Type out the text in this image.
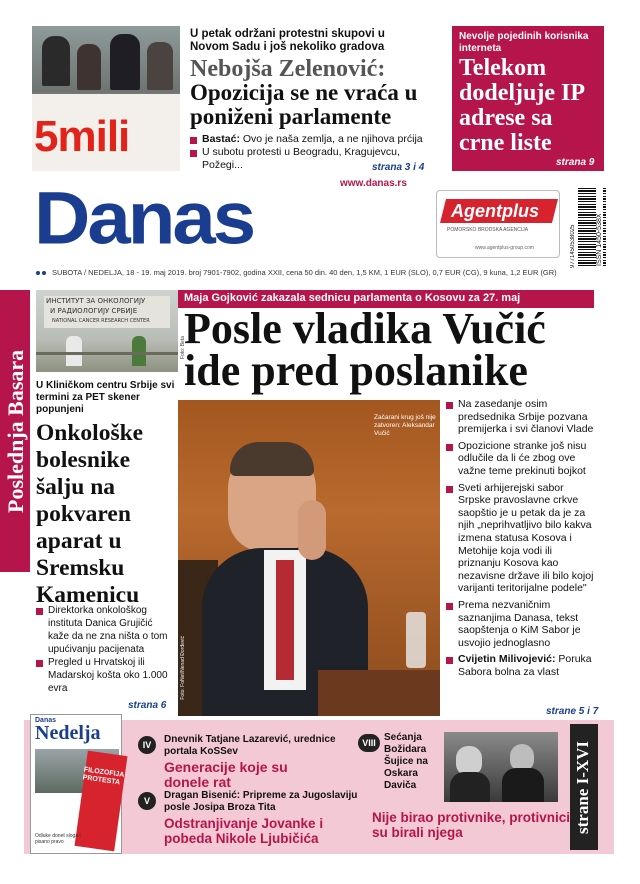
5mili
U petak održani protestni skupovi u Novom Sadu i još nekoliko gradova
Nebojša Zelenović:
Opozicija se ne vraća u poniženi parlamente
Bastać: Ovo je naša zemlja, a ne njihova prćija
U subotu protesti u Beogradu, Kragujevcu, Požegi...	strana 3 i 4
Nevolje pojedinih korisnika interneta
Telekom dodeljuje IP adrese sa crne liste
strana 9
www.danas.rs
Danas	Agentplus
POMORSKO BRODSKA AGENCIJA
www.agentplus-group.com	ISSN 1450-538X
9771450538025
SUBOTA / NEDELJA, 18 - 19. maj 2019. broj 7901-7902, godina XXII, cena 50 din. 40 den, 1,5 KM, 1 EUR (SLO), 0,7 EUR (CG), 9 kuna, 1,2 EUR (GR)
Poslednja Basara
ИНСТИТУТ ЗА ОНКОЛОГИЈУ
И РАДИОЛОГИЈУ СРБИЈЕ
NATIONAL CANCER RESEARCH CENTER
Foto: Beta
U Kliničkom centru Srbije svi termini za PET skener popunjeni
Onkološke bolesnike šalju na pokvaren aparat u Sremsku Kamenicu
Direktorka onkološkog instituta Danica Grujičić kaže da ne zna ništa o tom upućivanju pacijenata
Pregled u Hrvatskoj ili Madarskoj košta oko 1.000 evra
strana 6
Maja Gojković zakazala sednicu parlamenta o Kosovu za 27. maj
Posle vladika Vučić
ide pred poslanike
Začarani krug još nije zatvoren: Aleksandar Vučić
Foto: FoNet/Nenad Đorđević
Na zasedanje osim predsednika Srbije pozvana premijerka i svi članovi Vlade
Opozicione stranke još nisu odlučile da li će zbog ove važne teme prekinuti bojkot
Sveti arhijerejski sabor Srpske pravoslavne crkve saopštio je u petak da je za njih „neprihvatljivo bilo kakva izmena statusa Kosova i Metohije koja vodi ili priznanju Kosova kao nezavisne države ili bilo kojoj varijanti teritorijalne podele"
Prema nezvaničnim saznanjima Danasa, tekst saopštenja o KiM Sabor je usvojio jednoglasno
Cvijetin Milivojević: Poruka Sabora bolna za vlast
strane 5 i 7
Danas
Nedelja
FILOZOFIJA PROTESTA
Odluke donet sloga i pisano pravo
IV	Dnevnik Tatjane Lazarević, urednice portala KoSSev
Generacije koje su donele rat
V	Dragan Bisenić: Pripreme za Jugoslaviju posle Josipa Broza Tita
Odstranjivanje Jovanke i pobeda Nikole Ljubičića
VIII Sećanja Božidara Šujice na Oskara Daviča
Nije birao protivnike, protivnici su birali njega	strane I-XVI
